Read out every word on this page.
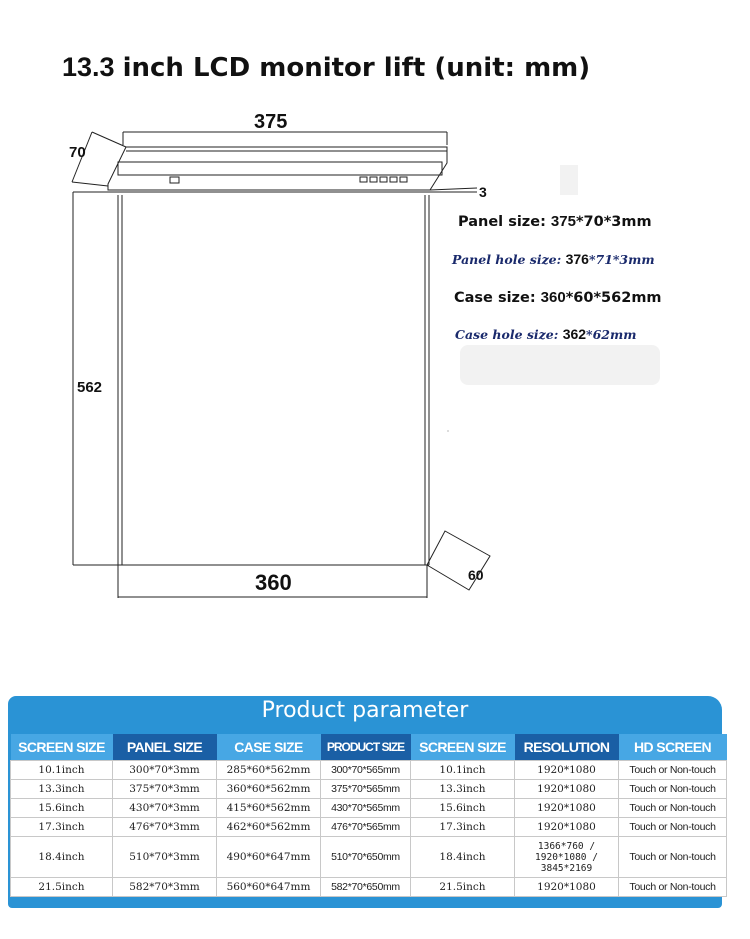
13.3 inch LCD monitor lift (unit: mm)
375
70
3
562
360	60
Panel size: 375*70*3mm
Panel hole size: 376*71*3mm
Case size: 360*60*562mm
Case hole size: 362*62mm
Product parameter
SCREEN SIZE	PANEL SIZE	CASE SIZE	PRODUCT SIZE	SCREEN SIZE	RESOLUTION	HD SCREEN
10.1inch	300*70*3mm	285*60*562mm	300*70*565mm	10.1inch	1920*1080	Touch or Non-touch
13.3inch	375*70*3mm	360*60*562mm	375*70*565mm	13.3inch	1920*1080	Touch or Non-touch
15.6inch	430*70*3mm	415*60*562mm	430*70*565mm	15.6inch	1920*1080	Touch or Non-touch
17.3inch	476*70*3mm	462*60*562mm	476*70*565mm	17.3inch	1920*1080	Touch or Non-touch
18.4inch	510*70*3mm	490*60*647mm	510*70*650mm	18.4inch	1366*760 / 1920*1080 / 3845*2169	Touch or Non-touch
21.5inch	582*70*3mm	560*60*647mm	582*70*650mm	21.5inch	1920*1080	Touch or Non-touch
